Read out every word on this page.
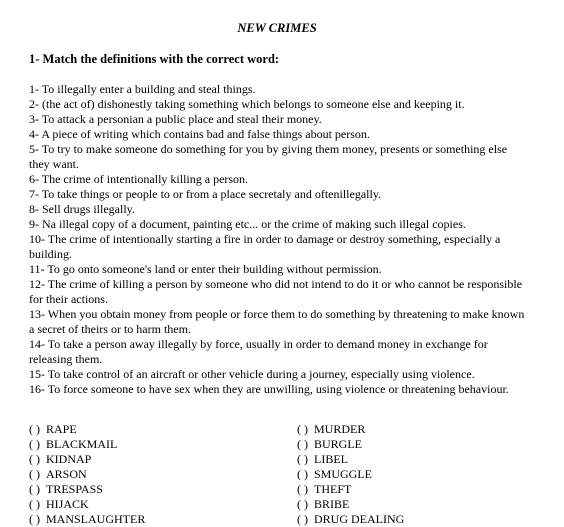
NEW CRIMES

1- Match the definitions with the correct word:

1- To illegally enter a building and steal things.
2- (the act of) dishonestly taking something which belongs to someone else and keeping it.
3- To attack a personian a public place and steal their money.
4- A piece of writing which contains bad and false things about person.
5- To try to make someone do something for you by giving them money, presents or something else they want.
6- The crime of intentionally killing a person.
7- To take things or people to or from a place secretaly and oftenillegally.
8- Sell drugs illegally.
9- Na illegal copy of a document, painting etc... or the crime of making such illegal copies.
10- The crime of intentionally starting a fire in order to damage or destroy something, especially a building.
11- To go onto someone's land or enter their building without permission.
12- The crime of killing a person by someone who did not intend to do it or who cannot be responsible for their actions.
13- When you obtain money from people or force them to do something by threatening to make known a secret of theirs or to harm them.
14- To take a person away illegally by force, usually in order to demand money in exchange for releasing them.
15- To take control of an aircraft or other vehicle during a journey, especially using violence.
16- To force someone to have sex when they are unwilling, using violence or threatening behaviour.
( ) RAPE
( ) BLACKMAIL
( ) KIDNAP
( ) ARSON
( ) TRESPASS
( ) HIJACK
( ) MANSLAUGHTER
( ) MURDER
( ) BURGLE
( ) LIBEL
( ) SMUGGLE
( ) THEFT
( ) BRIBE
( ) DRUG DEALING
